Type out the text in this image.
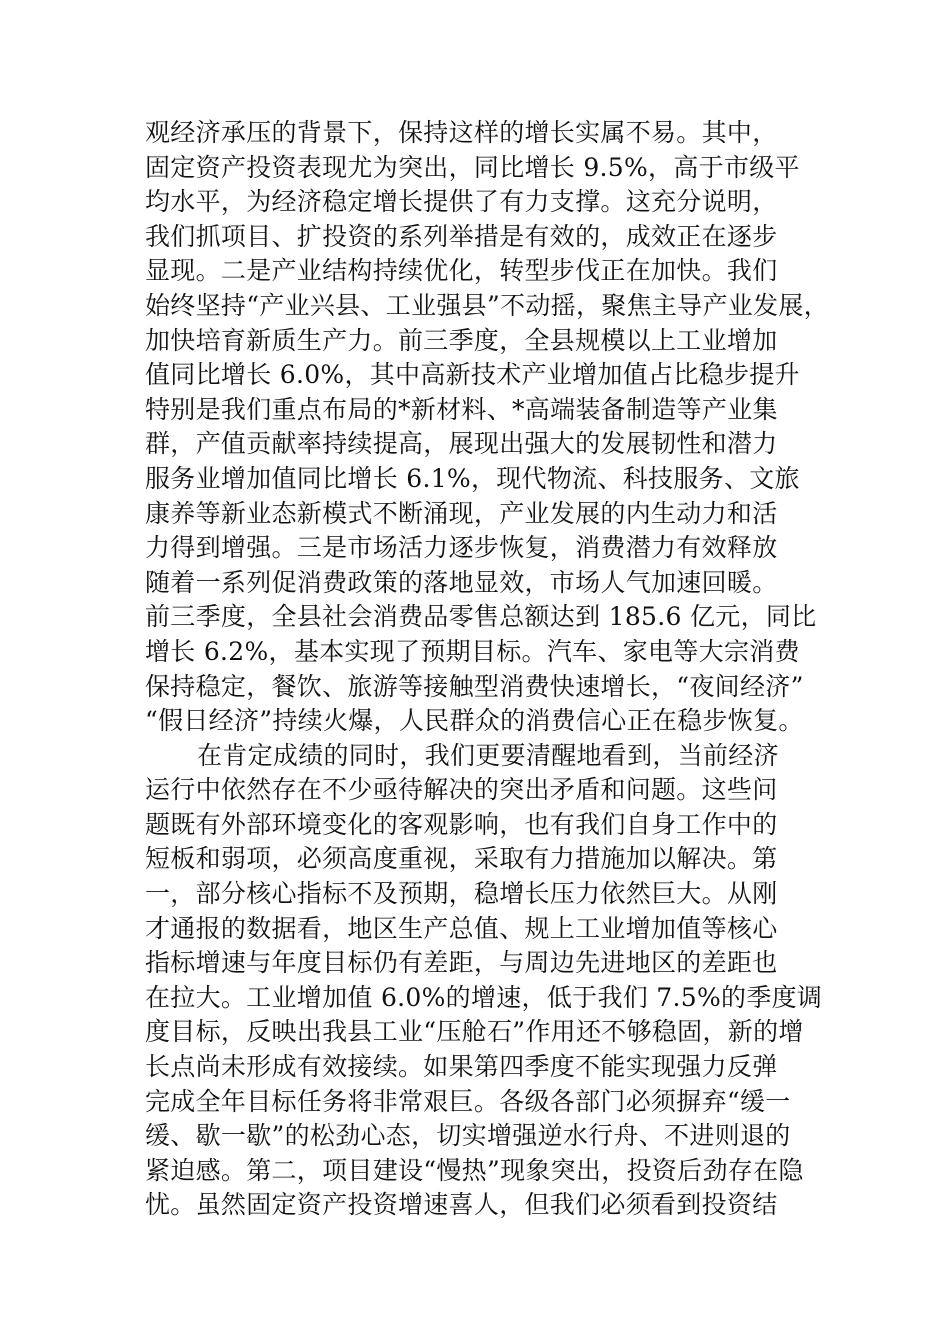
观经济承压的背景下，保持这样的增长实属不易。其中，
固定资产投资表现尤为突出，同比增长 9.5%，高于市级平
均水平，为经济稳定增长提供了有力支撑。这充分说明，
我们抓项目、扩投资的系列举措是有效的，成效正在逐步
显现。二是产业结构持续优化，转型步伐正在加快。我们
始终坚持“产业兴县、工业强县”不动摇，聚焦主导产业发展，
加快培育新质生产力。前三季度，全县规模以上工业增加
值同比增长 6.0%，其中高新技术产业增加值占比稳步提升
特别是我们重点布局的*新材料、*高端装备制造等产业集
群，产值贡献率持续提高，展现出强大的发展韧性和潜力
服务业增加值同比增长 6.1%，现代物流、科技服务、文旅
康养等新业态新模式不断涌现，产业发展的内生动力和活
力得到增强。三是市场活力逐步恢复，消费潜力有效释放
随着一系列促消费政策的落地显效，市场人气加速回暖。
前三季度，全县社会消费品零售总额达到 185.6 亿元，同比
增长 6.2%，基本实现了预期目标。汽车、家电等大宗消费
保持稳定，餐饮、旅游等接触型消费快速增长，“夜间经济”
“假日经济”持续火爆，人民群众的消费信心正在稳步恢复。
在肯定成绩的同时，我们更要清醒地看到，当前经济
运行中依然存在不少亟待解决的突出矛盾和问题。这些问
题既有外部环境变化的客观影响，也有我们自身工作中的
短板和弱项，必须高度重视，采取有力措施加以解决。第
一，部分核心指标不及预期，稳增长压力依然巨大。从刚
才通报的数据看，地区生产总值、规上工业增加值等核心
指标增速与年度目标仍有差距，与周边先进地区的差距也
在拉大。工业增加值 6.0%的增速，低于我们 7.5%的季度调
度目标，反映出我县工业“压舱石”作用还不够稳固，新的增
长点尚未形成有效接续。如果第四季度不能实现强力反弹
完成全年目标任务将非常艰巨。各级各部门必须摒弃“缓一
缓、歇一歇”的松劲心态，切实增强逆水行舟、不进则退的
紧迫感。第二，项目建设“慢热”现象突出，投资后劲存在隐
忧。虽然固定资产投资增速喜人，但我们必须看到投资结
